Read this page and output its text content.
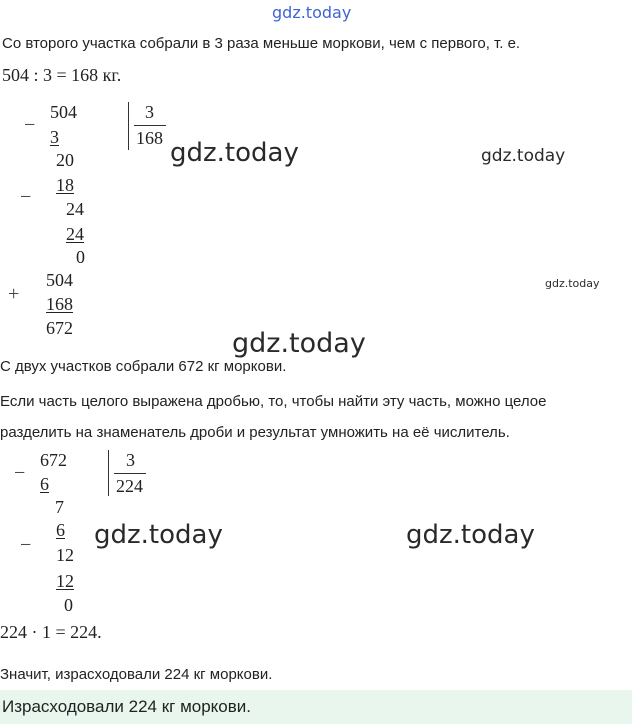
gdz.today
Со второго участка собрали в 3 раза меньше моркови, чем с первого, т. е.
504 : 3 = 168 кг.
−
504	3
168
3
20
−
18
24
24
0
+
504
168
672
gdz.today	gdz.today
gdz.today
gdz.today
С двух участков собрали 672 кг моркови.
Если часть целого выражена дробью, то, чтобы найти эту часть, можно целое
разделить на знаменатель дроби и результат умножить на её числитель.
−
672	3
224
6
7
−
6
12
12
0
gdz.today	gdz.today
224 · 1 = 224.
Значит, израсходовали 224 кг моркови.
Израсходовали 224 кг моркови.
